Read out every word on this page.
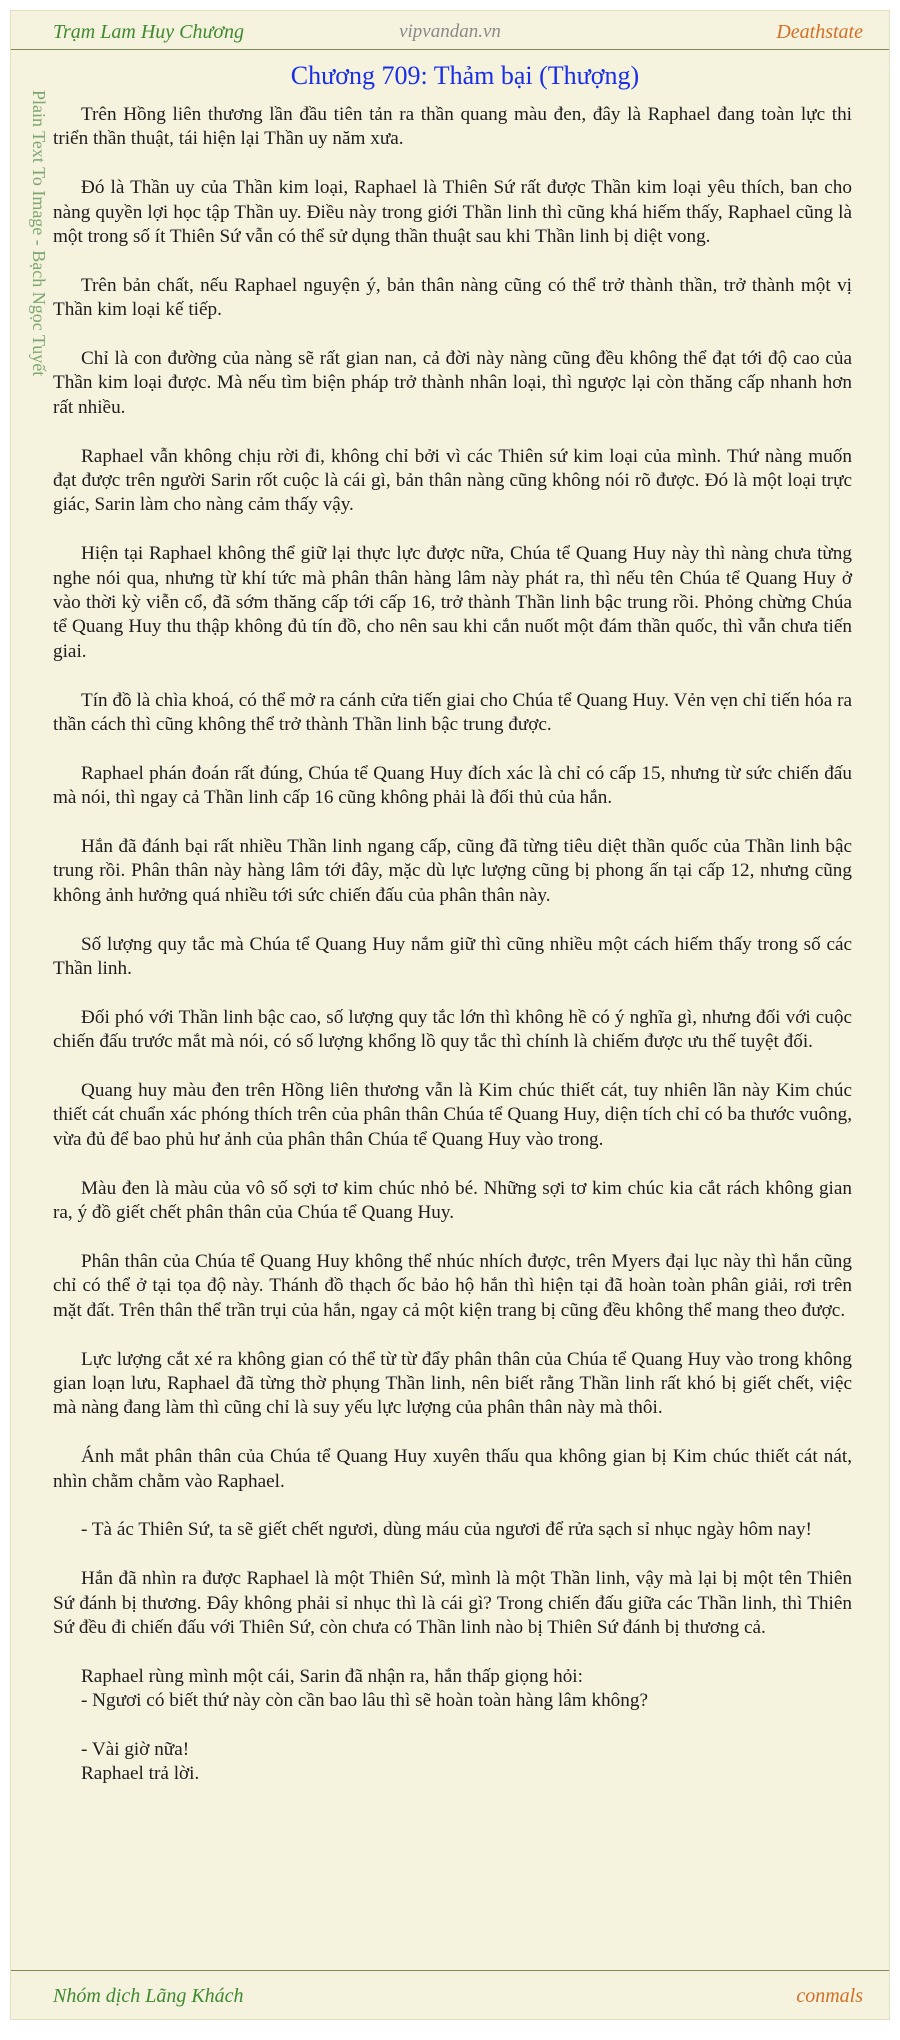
Trạm Lam Huy Chương	vipvandan.vn	Deathstate
Plain Text To Image - Bạch Ngọc Tuyết
Chương 709: Thảm bại (Thượng)

Trên Hồng liên thương lần đầu tiên tản ra thần quang màu đen, đây là Raphael đang toàn lực thi triển thần thuật, tái hiện lại Thần uy năm xưa.

Đó là Thần uy của Thần kim loại, Raphael là Thiên Sứ rất được Thần kim loại yêu thích, ban cho nàng quyền lợi học tập Thần uy. Điều này trong giới Thần linh thì cũng khá hiếm thấy, Raphael cũng là một trong số ít Thiên Sứ vẫn có thể sử dụng thần thuật sau khi Thần linh bị diệt vong.

Trên bản chất, nếu Raphael nguyện ý, bản thân nàng cũng có thể trở thành thần, trở thành một vị Thần kim loại kế tiếp.

Chỉ là con đường của nàng sẽ rất gian nan, cả đời này nàng cũng đều không thể đạt tới độ cao của Thần kim loại được. Mà nếu tìm biện pháp trở thành nhân loại, thì ngược lại còn thăng cấp nhanh hơn rất nhiều.

Raphael vẫn không chịu rời đi, không chỉ bởi vì các Thiên sứ kim loại của mình. Thứ nàng muốn đạt được trên người Sarin rốt cuộc là cái gì, bản thân nàng cũng không nói rõ được. Đó là một loại trực giác, Sarin làm cho nàng cảm thấy vậy.

Hiện tại Raphael không thể giữ lại thực lực được nữa, Chúa tể Quang Huy này thì nàng chưa từng nghe nói qua, nhưng từ khí tức mà phân thân hàng lâm này phát ra, thì nếu tên Chúa tể Quang Huy ở vào thời kỳ viễn cổ, đã sớm thăng cấp tới cấp 16, trở thành Thần linh bậc trung rồi. Phỏng chừng Chúa tể Quang Huy thu thập không đủ tín đồ, cho nên sau khi cắn nuốt một đám thần quốc, thì vẫn chưa tiến giai.

Tín đồ là chìa khoá, có thể mở ra cánh cửa tiến giai cho Chúa tể Quang Huy. Vẻn vẹn chỉ tiến hóa ra thần cách thì cũng không thể trở thành Thần linh bậc trung được.

Raphael phán đoán rất đúng, Chúa tể Quang Huy đích xác là chỉ có cấp 15, nhưng từ sức chiến đấu mà nói, thì ngay cả Thần linh cấp 16 cũng không phải là đối thủ của hắn.

Hắn đã đánh bại rất nhiều Thần linh ngang cấp, cũng đã từng tiêu diệt thần quốc của Thần linh bậc trung rồi. Phân thân này hàng lâm tới đây, mặc dù lực lượng cũng bị phong ấn tại cấp 12, nhưng cũng không ảnh hưởng quá nhiều tới sức chiến đấu của phân thân này.

Số lượng quy tắc mà Chúa tể Quang Huy nắm giữ thì cũng nhiều một cách hiếm thấy trong số các Thần linh.

Đối phó với Thần linh bậc cao, số lượng quy tắc lớn thì không hề có ý nghĩa gì, nhưng đối với cuộc chiến đấu trước mắt mà nói, có số lượng khổng lồ quy tắc thì chính là chiếm được ưu thế tuyệt đối.

Quang huy màu đen trên Hồng liên thương vẫn là Kim chúc thiết cát, tuy nhiên lần này Kim chúc thiết cát chuẩn xác phóng thích trên của phân thân Chúa tể Quang Huy, diện tích chỉ có ba thước vuông, vừa đủ để bao phủ hư ảnh của phân thân Chúa tể Quang Huy vào trong.

Màu đen là màu của vô số sợi tơ kim chúc nhỏ bé. Những sợi tơ kim chúc kia cắt rách không gian ra, ý đồ giết chết phân thân của Chúa tể Quang Huy.

Phân thân của Chúa tể Quang Huy không thể nhúc nhích được, trên Myers đại lục này thì hắn cũng chỉ có thể ở tại tọa độ này. Thánh đồ thạch ốc bảo hộ hắn thì hiện tại đã hoàn toàn phân giải, rơi trên mặt đất. Trên thân thể trần trụi của hắn, ngay cả một kiện trang bị cũng đều không thể mang theo được.

Lực lượng cắt xé ra không gian có thể từ từ đẩy phân thân của Chúa tể Quang Huy vào trong không gian loạn lưu, Raphael đã từng thờ phụng Thần linh, nên biết rằng Thần linh rất khó bị giết chết, việc mà nàng đang làm thì cũng chỉ là suy yếu lực lượng của phân thân này mà thôi.

Ánh mắt phân thân của Chúa tể Quang Huy xuyên thấu qua không gian bị Kim chúc thiết cát nát, nhìn chằm chằm vào Raphael.

- Tà ác Thiên Sứ, ta sẽ giết chết ngươi, dùng máu của ngươi để rửa sạch sỉ nhục ngày hôm nay!

Hắn đã nhìn ra được Raphael là một Thiên Sứ, mình là một Thần linh, vậy mà lại bị một tên Thiên Sứ đánh bị thương. Đây không phải sỉ nhục thì là cái gì? Trong chiến đấu giữa các Thần linh, thì Thiên Sứ đều đi chiến đấu với Thiên Sứ, còn chưa có Thần linh nào bị Thiên Sứ đánh bị thương cả.

Raphael rùng mình một cái, Sarin đã nhận ra, hắn thấp giọng hỏi:

- Ngươi có biết thứ này còn cần bao lâu thì sẽ hoàn toàn hàng lâm không?

- Vài giờ nữa!

Raphael trả lời.

Nhóm dịch Lãng Khách	conmals
